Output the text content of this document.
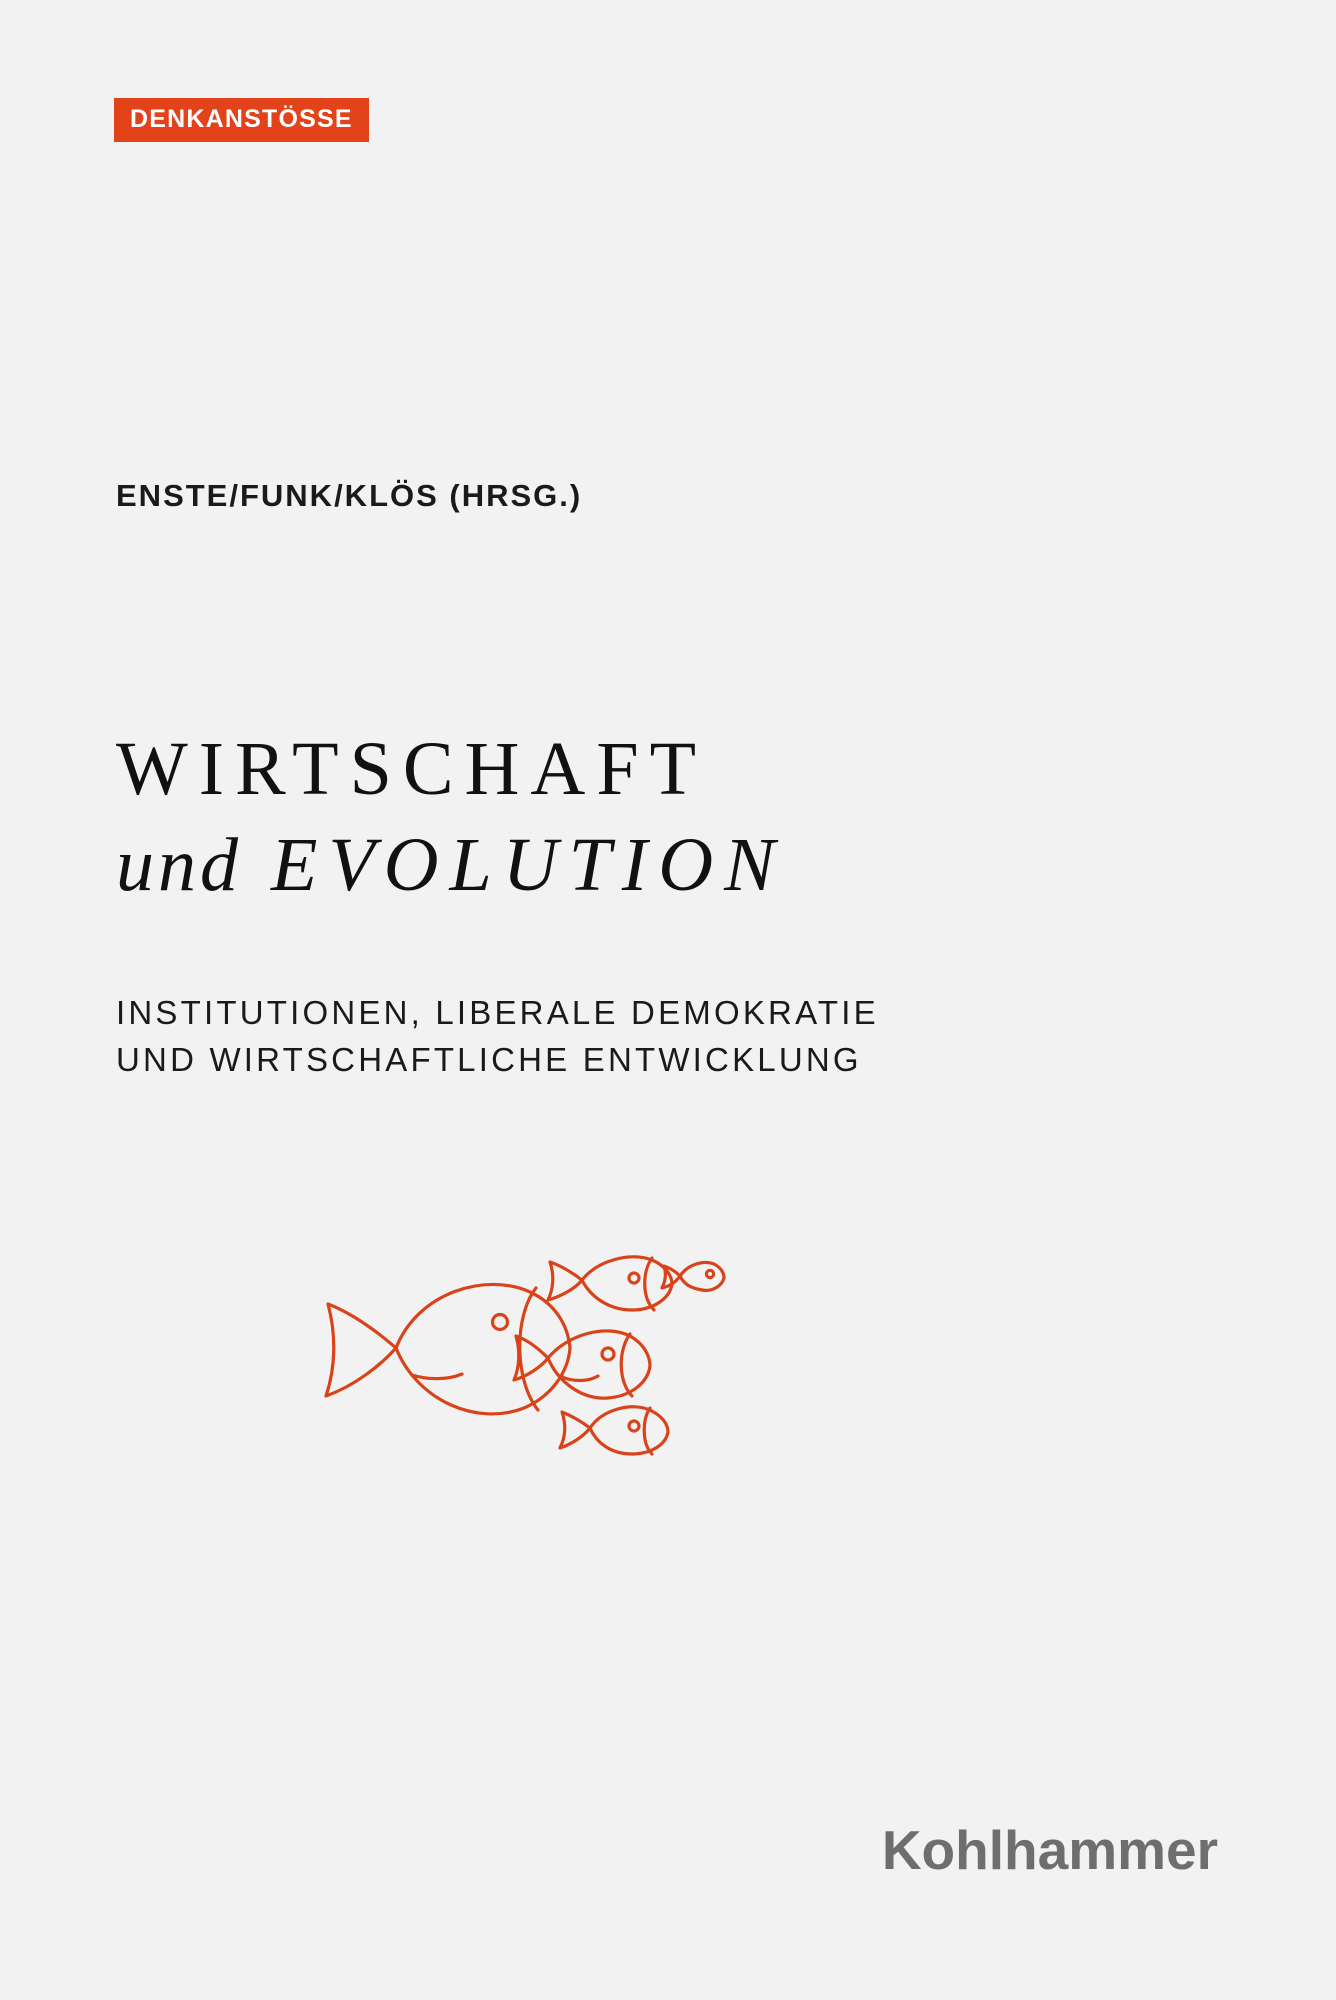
DENKANSTÖSSE
ENSTE/FUNK/KLÖS (HRSG.)
WIRTSCHAFT
und EVOLUTION
INSTITUTIONEN, LIBERALE DEMOKRATIE
UND WIRTSCHAFTLICHE ENTWICKLUNG
Kohlhammer
